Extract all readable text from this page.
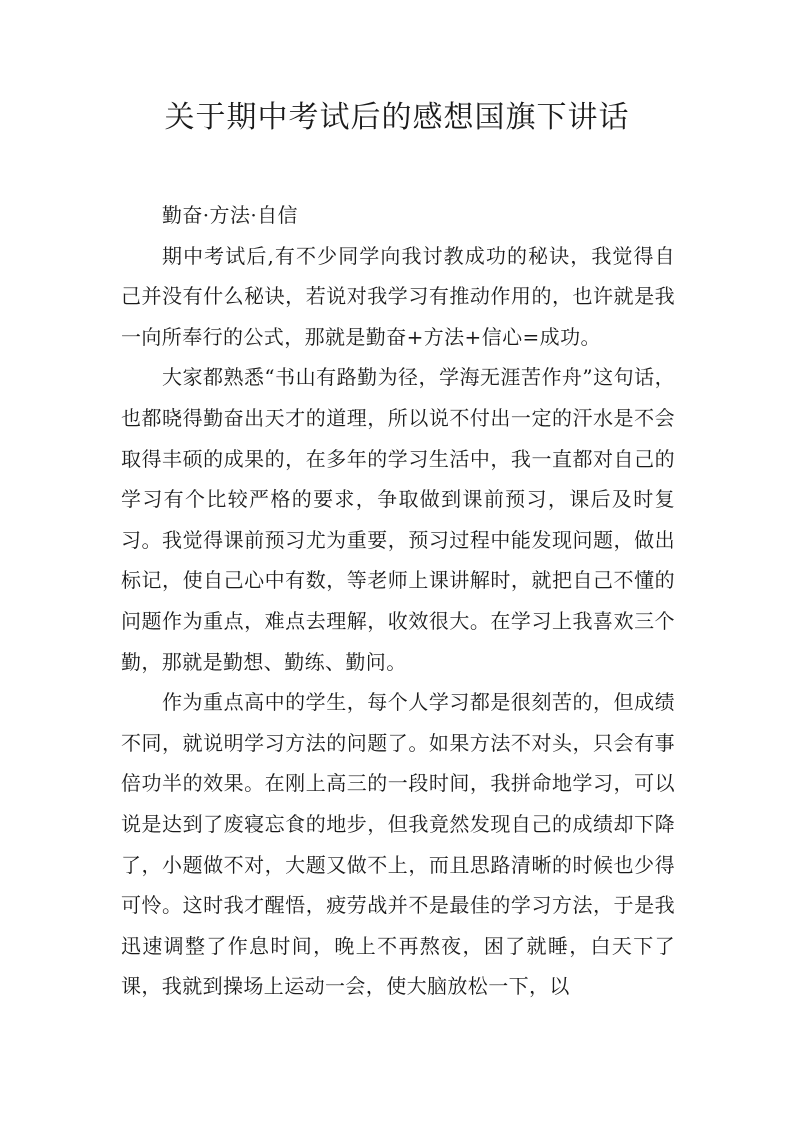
关于期中考试后的感想国旗下讲话

勤奋·方法·自信

期中考试后,有不少同学向我讨教成功的秘诀，我觉得自己并没有什么秘诀，若说对我学习有推动作用的，也许就是我一向所奉行的公式，那就是勤奋+方法+信心=成功。

大家都熟悉“书山有路勤为径，学海无涯苦作舟”这句话，也都晓得勤奋出天才的道理，所以说不付出一定的汗水是不会取得丰硕的成果的，在多年的学习生活中，我一直都对自己的学习有个比较严格的要求，争取做到课前预习，课后及时复习。我觉得课前预习尤为重要，预习过程中能发现问题，做出标记，使自己心中有数，等老师上课讲解时，就把自己不懂的问题作为重点，难点去理解，收效很大。在学习上我喜欢三个勤，那就是勤想、勤练、勤问。

作为重点高中的学生，每个人学习都是很刻苦的，但成绩不同，就说明学习方法的问题了。如果方法不对头，只会有事倍功半的效果。在刚上高三的一段时间，我拼命地学习，可以说是达到了废寝忘食的地步，但我竟然发现自己的成绩却下降了，小题做不对，大题又做不上，而且思路清晰的时候也少得可怜。这时我才醒悟，疲劳战并不是最佳的学习方法，于是我迅速调整了作息时间，晚上不再熬夜，困了就睡，白天下了课，我就到操场上运动一会，使大脑放松一下，以
